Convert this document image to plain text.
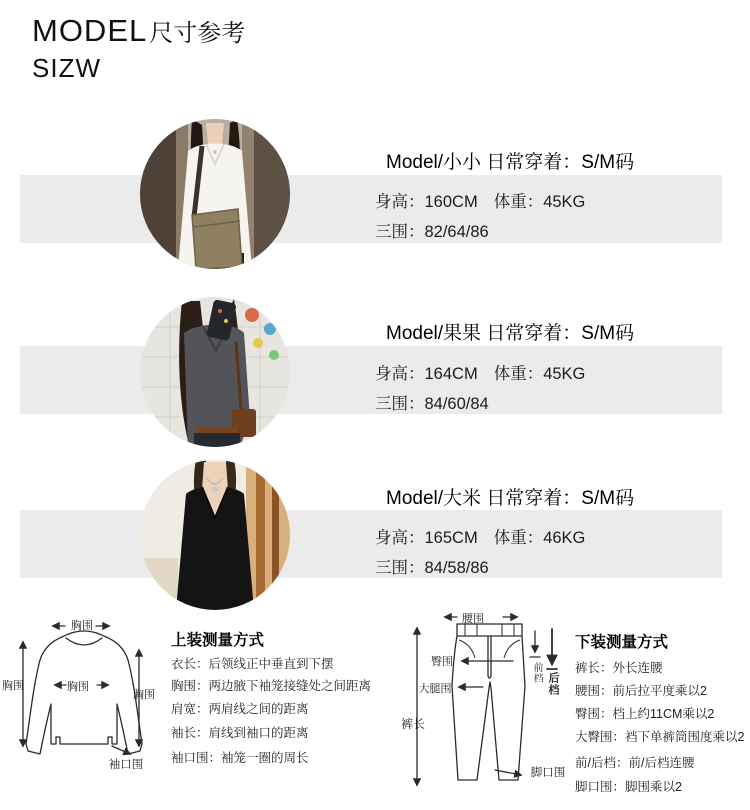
MODEL尺寸参考
SIZW
Model/小小 日常穿着：S/M码
身高：160CM 体重：45KG
三围：82/64/86
Model/果果 日常穿着：S/M码
身高：164CM 体重：45KG
三围：84/60/84
Model/大米 日常穿着：S/M码
身高：165CM 体重：46KG
三围：84/58/86
胸围
胸围	胸围
胸围
袖口围
上装测量方式
衣长：后领线正中垂直到下摆
胸围：两边腋下袖笼接缝处之间距离
肩宽：两肩线之间的距离
袖长：肩线到袖口的距离
袖口围：袖笼一圈的周长
腰围
裤长
臀围
大腿围
前档 后档
脚口围
下装测量方式
裤长：外长连腰
腰围：前后拉平度乘以2
臀围：档上约11CM乘以2
大臀围：裆下单裤筒围度乘以2
前/后档：前/后档连腰
脚口围：脚围乘以2
